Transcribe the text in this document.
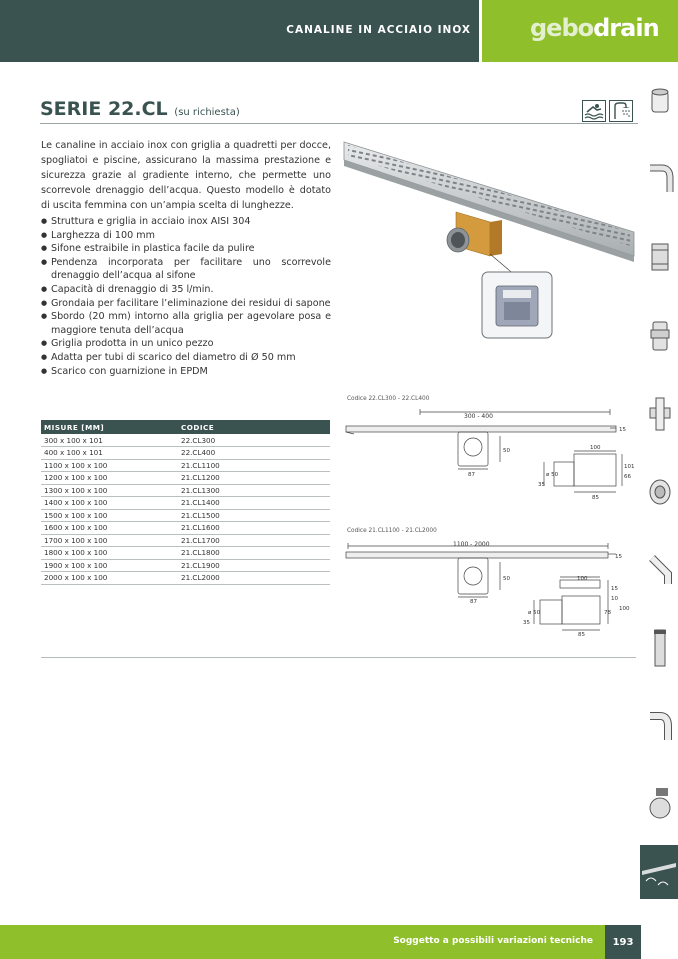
CANALINE IN ACCIAIO INOX gebodrain
SERIE 22.CL (su richiesta)

Le canaline in acciaio inox con griglia a quadretti per docce, spogliatoi e piscine, assicurano la massima prestazione e sicurezza grazie al gradiente interno, che permette uno scorrevole drenaggio dell’acqua. Questo modello è dotato di uscita femmina con un’ampia scelta di lunghezze.

● Struttura e griglia in acciaio inox AISI 304
● Larghezza di 100 mm
● Sifone estraibile in plastica facile da pulire
● Pendenza incorporata per facilitare uno scorrevole drenaggio dell’acqua al sifone
● Capacità di drenaggio di 35 l/min.
● Grondaia per facilitare l’eliminazione dei residui di sapone
● Sbordo (20 mm) intorno alla griglia per agevolare posa e maggiore tenuta dell’acqua
● Griglia prodotta in un unico pezzo
● Adatta per tubi di scarico del diametro di Ø 50 mm
● Scarico con guarnizione in EPDM
MISURE [MM]	CODICE
300 x 100 x 101	22.CL300
400 x 100 x 101	22.CL400
1100 x 100 x 100	21.CL1100
1200 x 100 x 100	21.CL1200
1300 x 100 x 100	21.CL1300
1400 x 100 x 100	21.CL1400
1500 x 100 x 100	21.CL1500
1600 x 100 x 100	21.CL1600
1700 x 100 x 100	21.CL1700
1800 x 100 x 100	21.CL1800
1900 x 100 x 100	21.CL1900
2000 x 100 x 100	21.CL2000
Codice 22.CL300 - 22.CL400
300 - 400
15
87
50	100
35
ø 50
85
101
66
Codice 21.CL1100 - 21.CL2000
1100 - 2000
15
87
50	100
35
ø 50
85
78
10
15
100
Soggetto a possibili variazioni tecniche	193
